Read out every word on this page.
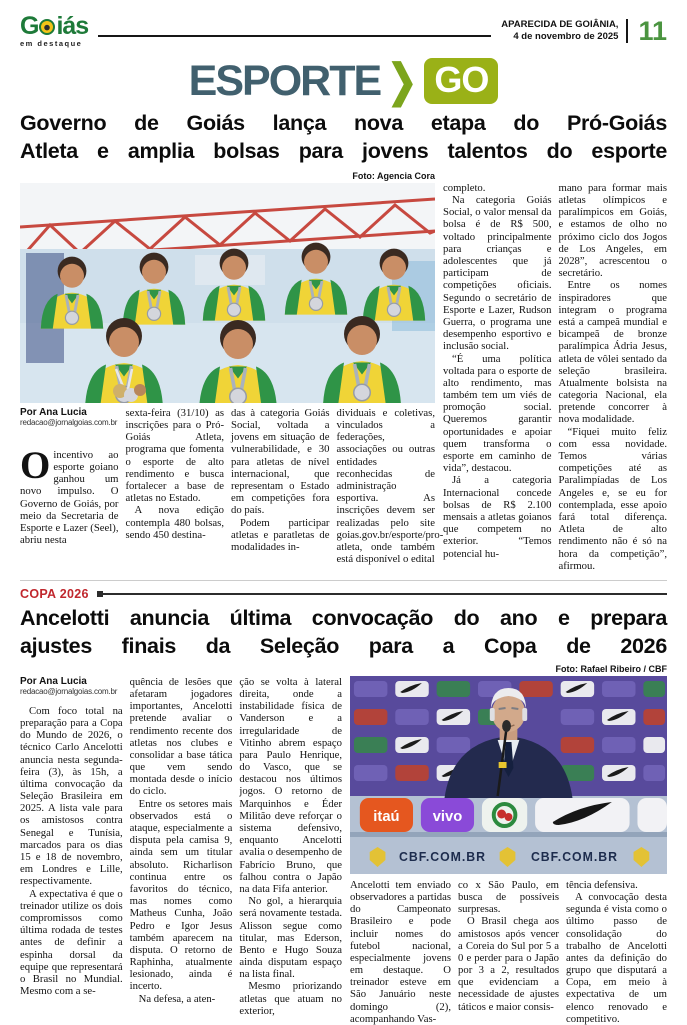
G iás
em destaque
APARECIDA DE GOIÂNIA,
4 de novembro de 2025 11
ESPORTE ❯ GO
Governo de Goiás lança nova etapa do Pró-Goiás
Atleta e amplia bolsas para jovens talentos do esporte
Foto: Agencia Cora
Por Ana Lucia
redacao@jornalgoias.com.br

Oincentivo ao esporte goiano ganhou um novo impulso. O Governo de Goiás, por meio da Secretaria de Esporte e Lazer (Seel), abriu nesta

sexta-feira (31/10) as inscrições para o Pró-Goiás Atleta, programa que fomenta o esporte de alto rendimento e busca fortalecer a base de atletas no Estado.

A nova edição contempla 480 bolsas, sendo 450 destina-

das à categoria Goiás Social, voltada a jovens em situação de vulnerabilidade, e 30 para atletas de nível internacional, que representam o Estado em competições fora do país.

Podem participar atletas e paratletas de modalidades in-

dividuais e coletivas, vinculados a federações, associações ou outras entidades reconhecidas de administração esportiva. As inscrições devem ser realizadas pelo site goias.gov.br/esporte/pro-atleta, onde também está disponível o edital

completo.

Na categoria Goiás Social, o valor mensal da bolsa é de R$ 500, voltado principalmente para crianças e adolescentes que já participam de competições oficiais. Segundo o secretário de Esporte e Lazer, Rudson Guerra, o programa une desempenho esportivo e inclusão social.

“É uma política voltada para o esporte de alto rendimento, mas também tem um viés de promoção social. Queremos garantir oportunidades e apoiar quem transforma o esporte em caminho de vida”, destacou.

Já a categoria Internacional concede bolsas de R$ 2.100 mensais a atletas goianos que competem no exterior. “Temos potencial hu-

mano para formar mais atletas olímpicos e paralímpicos em Goiás, e estamos de olho no próximo ciclo dos Jogos de Los Angeles, em 2028”, acrescentou o secretário.

Entre os nomes inspiradores que integram o programa está a campeã mundial e bicampeã de bronze paralímpica Ádria Jesus, atleta de vôlei sentado da seleção brasileira. Atualmente bolsista na categoria Nacional, ela pretende concorrer à nova modalidade.

“Fiquei muito feliz com essa novidade. Temos várias competições até as Paralimpíadas de Los Angeles e, se eu for contemplada, esse apoio fará total diferença. Atleta de alto rendimento não é só na hora da competição”, afirmou.

COPA 2026
Ancelotti anuncia última convocação do ano e prepara
ajustes finais da Seleção para a Copa de 2026
Foto: Rafael Ribeiro / CBF
Por Ana Lucia
redacao@jornalgoias.com.br

Com foco total na preparação para a Copa do Mundo de 2026, o técnico Carlo Ancelotti anuncia nesta segunda-feira (3), às 15h, a última convocação da Seleção Brasileira em 2025. A lista vale para os amistosos contra Senegal e Tunísia, marcados para os dias 15 e 18 de novembro, em Londres e Lille, respectivamente.

A expectativa é que o treinador utilize os dois compromissos como última rodada de testes antes de definir a espinha dorsal da equipe que representará o Brasil no Mundial. Mesmo com a se-

quência de lesões que afetaram jogadores importantes, Ancelotti pretende avaliar o rendimento recente dos atletas nos clubes e consolidar a base tática que vem sendo montada desde o início do ciclo.

Entre os setores mais observados está o ataque, especialmente a disputa pela camisa 9, ainda sem um titular absoluto. Richarlison continua entre os favoritos do técnico, mas nomes como Matheus Cunha, João Pedro e Igor Jesus também aparecem na disputa. O retorno de Raphinha, atualmente lesionado, ainda é incerto.

Na defesa, a aten-

ção se volta à lateral direita, onde a instabilidade física de Vanderson e a irregularidade de Vitinho abrem espaço para Paulo Henrique, do Vasco, que se destacou nos últimos jogos. O retorno de Marquinhos e Éder Militão deve reforçar o sistema defensivo, enquanto Ancelotti avalia o desempenho de Fabrício Bruno, que falhou contra o Japão na data Fifa anterior.

No gol, a hierarquia será novamente testada. Alisson segue como titular, mas Ederson, Bento e Hugo Souza ainda disputam espaço na lista final.

Mesmo priorizando atletas que atuam no exterior,

itaú vivo
CBF.COM.BR	CBF.COM.BR

Ancelotti tem enviado observadores a partidas do Campeonato Brasileiro e pode incluir nomes do futebol nacional, especialmente jovens em destaque. O treinador esteve em São Januário neste domingo (2), acompanhando Vas-

co x São Paulo, em busca de possíveis surpresas.

O Brasil chega aos amistosos após vencer a Coreia do Sul por 5 a 0 e perder para o Japão por 3 a 2, resultados que evidenciam a necessidade de ajustes táticos e maior consis-

tência defensiva.

A convocação desta segunda é vista como o último passo de consolidação do trabalho de Ancelotti antes da definição do grupo que disputará a Copa, em meio à expectativa de um elenco renovado e competitivo.
